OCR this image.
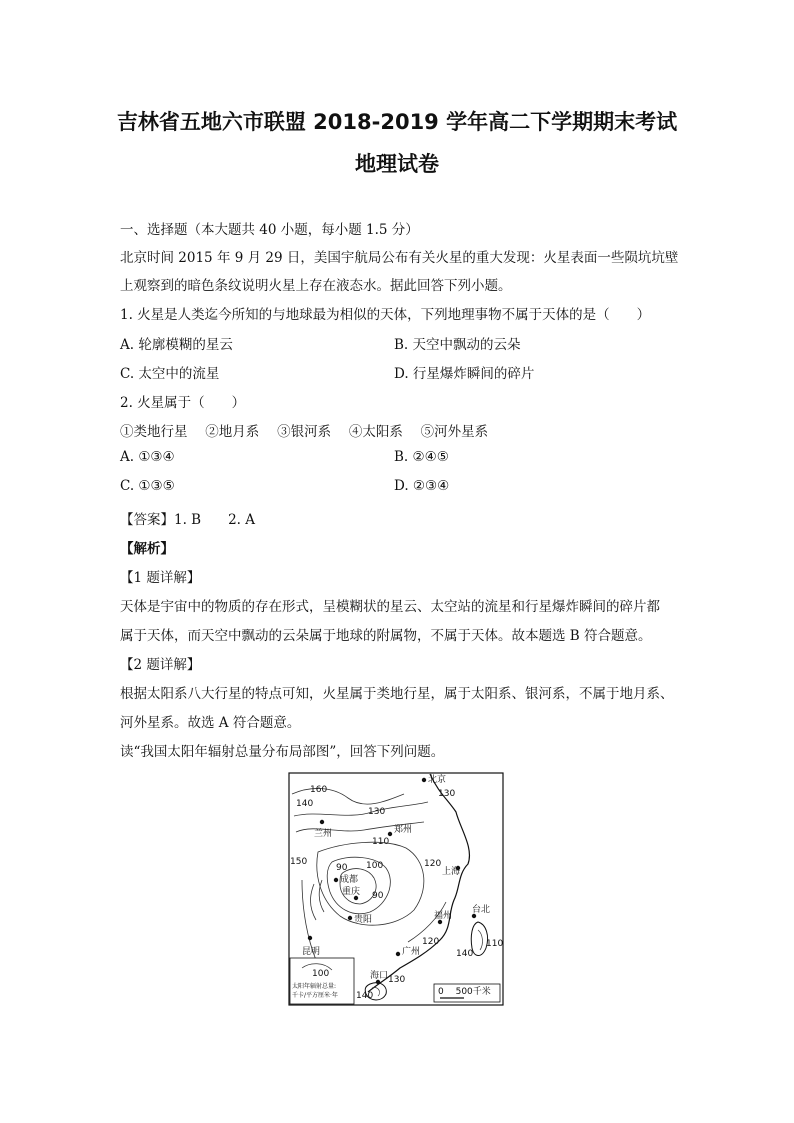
吉林省五地六市联盟 2018-2019 学年高二下学期期末考试
地理试卷
一、选择题（本大题共 40 小题，每小题 1.5 分）
北京时间 2015 年 9 月 29 日，美国宇航局公布有关火星的重大发现：火星表面一些陨坑坑壁
上观察到的暗色条纹说明火星上存在液态水。据此回答下列小题。
1. 火星是人类迄今所知的与地球最为相似的天体，下列地理事物不属于天体的是（　　）
A. 轮廓模糊的星云	B. 天空中飘动的云朵
C. 太空中的流星	D. 行星爆炸瞬间的碎片
2. 火星属于（　　）
①类地行星　 ②地月系　 ③银河系　 ④太阳系　 ⑤河外星系
A. ①③④	B. ②④⑤
C. ①③⑤	D. ②③④
【答案】1. B　　2. A
【解析】
【1 题详解】
天体是宇宙中的物质的存在形式，呈模糊状的星云、太空站的流星和行星爆炸瞬间的碎片都
属于天体，而天空中飘动的云朵属于地球的附属物，不属于天体。故本题选 B 符合题意。
【2 题详解】
根据太阳系八大行星的特点可知，火星属于类地行星，属于太阳系、银河系，不属于地月系、
河外星系。故选 A 符合题意。
读“我国太阳年辐射总量分布局部图”，回答下列问题。
北京
兰州	郑州
成都
重庆
上海
贵阳	福州
台北
昆明	广州
海口
160
140
130
130
110
150
90 100	120
90
120	110
140
100
130
140
太阳年辐射总量:
千卡/平方厘米·年	0　 500千米
